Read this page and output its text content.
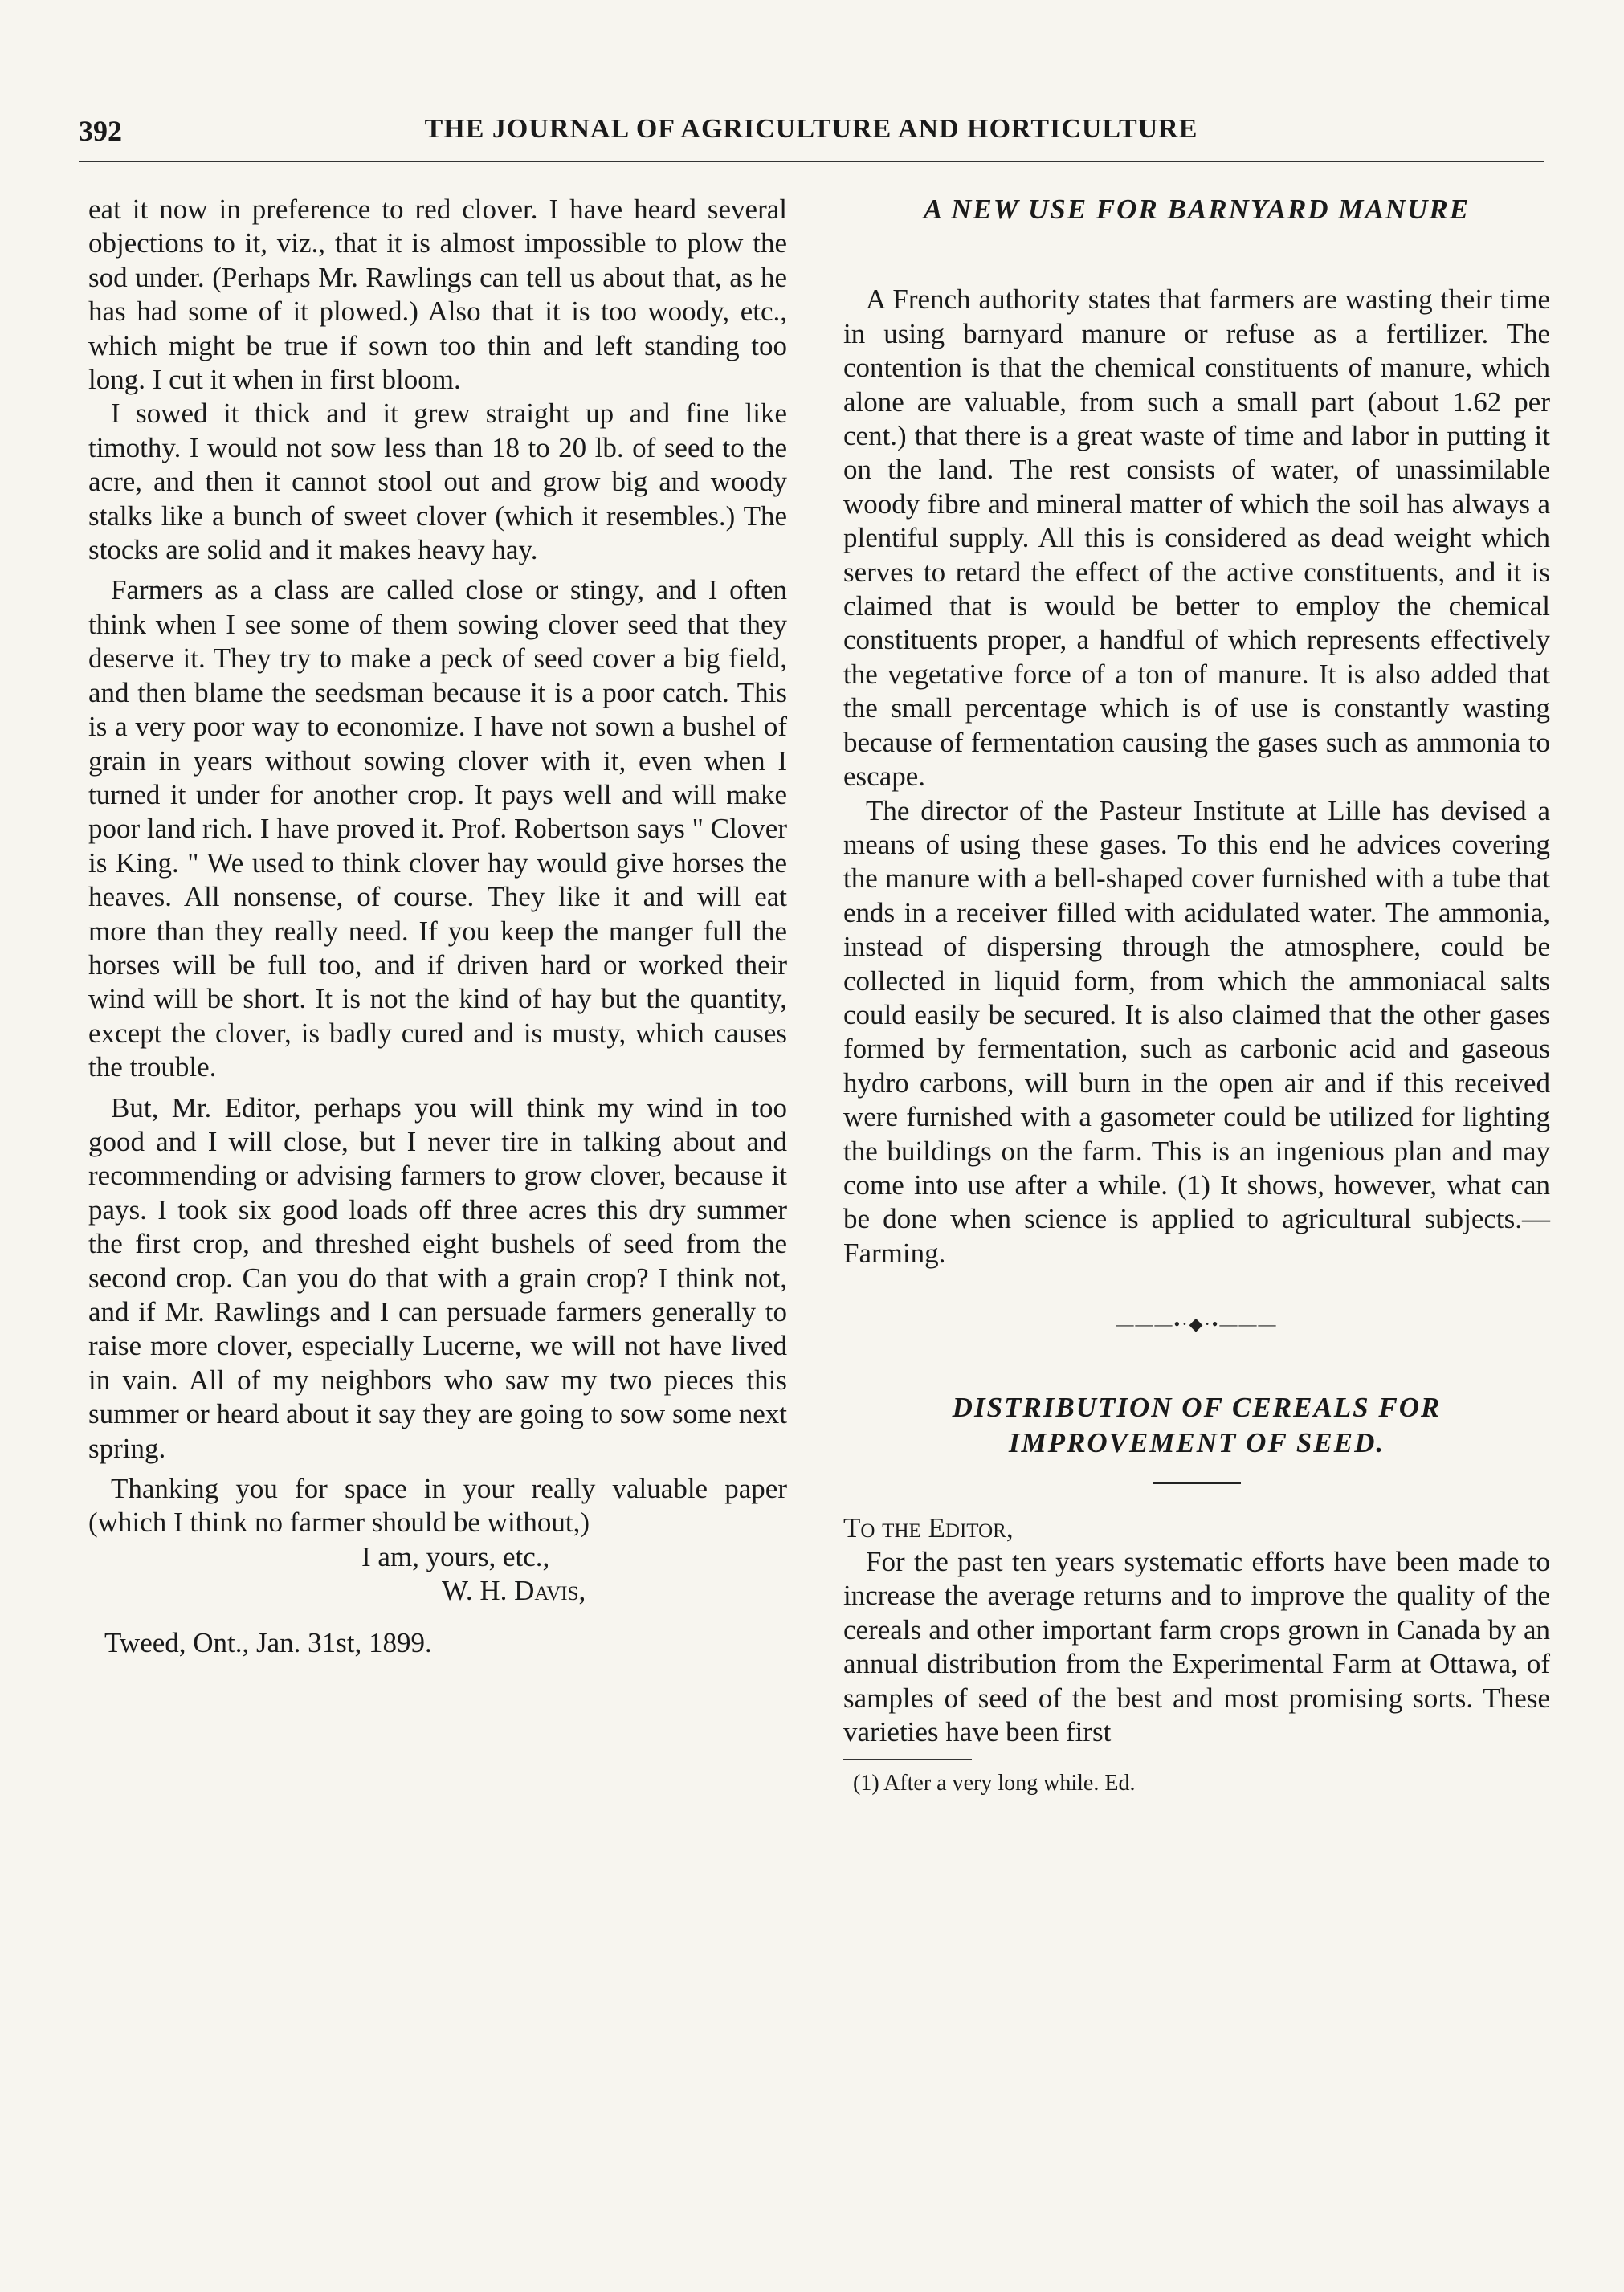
392	THE JOURNAL OF AGRICULTURE AND HORTICULTURE

eat it now in preference to red clover. I have heard several objections to it, viz., that it is almost impossible to plow the sod under. (Perhaps Mr. Rawlings can tell us about that, as he has had some of it plowed.) Also that it is too woody, etc., which might be true if sown too thin and left standing too long. I cut it when in first bloom.

I sowed it thick and it grew straight up and fine like timothy. I would not sow less than 18 to 20 lb. of seed to the acre, and then it cannot stool out and grow big and woody stalks like a bunch of sweet clover (which it resembles.) The stocks are solid and it makes heavy hay.

Farmers as a class are called close or stingy, and I often think when I see some of them sowing clover seed that they deserve it. They try to make a peck of seed cover a big field, and then blame the seedsman because it is a poor catch. This is a very poor way to economize. I have not sown a bushel of grain in years without sowing clover with it, even when I turned it under for another crop. It pays well and will make poor land rich. I have proved it. Prof. Robertson says " Clover is King. " We used to think clover hay would give horses the heaves. All nonsense, of course. They like it and will eat more than they really need. If you keep the manger full the horses will be full too, and if driven hard or worked their wind will be short. It is not the kind of hay but the quantity, except the clover, is badly cured and is musty, which causes the trouble.

But, Mr. Editor, perhaps you will think my wind in too good and I will close, but I never tire in talking about and recommending or advising farmers to grow clover, because it pays. I took six good loads off three acres this dry summer the first crop, and threshed eight bushels of seed from the second crop. Can you do that with a grain crop? I think not, and if Mr. Rawlings and I can persuade farmers generally to raise more clover, especially Lucerne, we will not have lived in vain. All of my neighbors who saw my two pieces this summer or heard about it say they are going to sow some next spring.

Thanking you for space in your really valuable paper (which I think no farmer should be without,)

I am, yours, etc.,
W. H. Davis,
Tweed, Ont., Jan. 31st, 1899.
A NEW USE FOR BARNYARD MANURE

A French authority states that farmers are wasting their time in using barnyard manure or refuse as a fertilizer. The contention is that the chemical constituents of manure, which alone are valuable, from such a small part (about 1.62 per cent.) that there is a great waste of time and labor in putting it on the land. The rest consists of water, of unassimilable woody fibre and mineral matter of which the soil has always a plentiful supply. All this is considered as dead weight which serves to retard the effect of the active constituents, and it is claimed that is would be better to employ the chemical constituents proper, a handful of which represents effectively the vegetative force of a ton of manure. It is also added that the small percentage which is of use is constantly wasting because of fermentation causing the gases such as ammonia to escape.

The director of the Pasteur Institute at Lille has devised a means of using these gases. To this end he advices covering the manure with a bell-shaped cover furnished with a tube that ends in a receiver filled with acidulated water. The ammonia, instead of dispersing through the atmosphere, could be collected in liquid form, from which the ammoniacal salts could easily be secured. It is also claimed that the other gases formed by fermentation, such as carbonic acid and gaseous hydro carbons, will burn in the open air and if this received were furnished with a gasometer could be utilized for lighting the buildings on the farm. This is an ingenious plan and may come into use after a while. (1) It shows, however, what can be done when science is applied to agricultural subjects.—Farming.

———•·◆·•———
DISTRIBUTION OF CEREALS FOR
IMPROVEMENT OF SEED.

To the Editor,

For the past ten years systematic efforts have been made to increase the average returns and to improve the quality of the cereals and other important farm crops grown in Canada by an annual distribution from the Experimental Farm at Ottawa, of samples of seed of the best and most promising sorts. These varieties have been first

(1) After a very long while. Ed.
